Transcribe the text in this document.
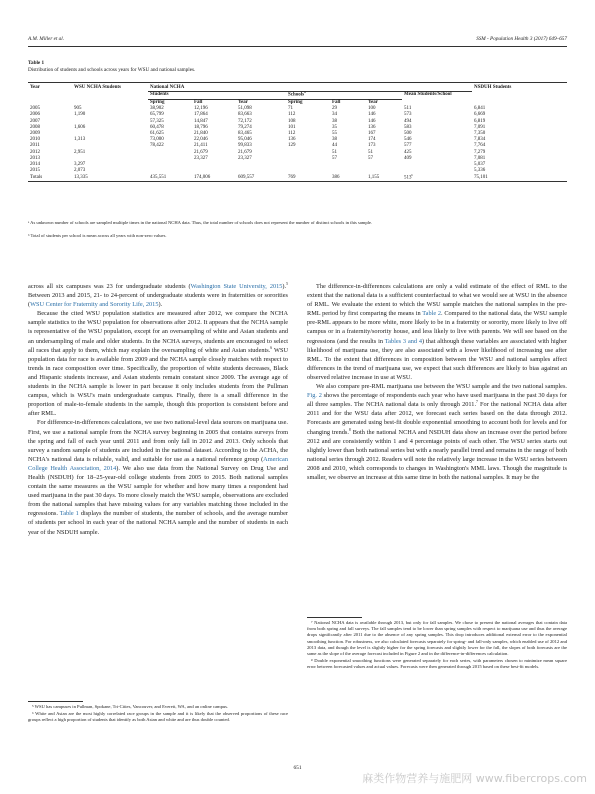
A.M. Miller et al.	SSM - Population Health 3 (2017) 649–657
Table 1
Distribution of students and schools across years for WSU and national samples.
Year	WSU NCHA Students	National NCHA							NSDUH Students
		Students			Schools$^a$			Mean Students/School	
		Spring	Fall	Year	Spring	Fall	Year		
2005	905	38,902	12,196	51,098	71	29	100	511	6,841
2006	1,190	65,799	17,864	83,663	112	34	146	573	6,669
2007		57,325	14,847	72,172	108	38	146	494	6,819
2008	1,606	60,478	18,796	79,274	101	35	136	583	7,091
2009		61,625	21,840	83,465	112	55	167	500	7,350
2010	1,313	73,000	22,046	95,046	136	38	174	546	7,834
2011		78,422	21,411	99,833	129	44	173	577	7,764
2012	2,951		21,679	21,679		51	51	425	7,279
2013			23,327	23,327		57	57	409	7,081
2014	3,297								5,037
2015	2,073								5,336
Totals	13,335	435,551	174,006	609,557	769	386	1,155	513$^b$	75,101
ᵃ As unknown number of schools are sampled multiple times in the national NCHA data. Thus, the total number of schools does not represent the number of distinct schools in this sample.
ᵇ Total of students per school is mean across all years with non-zero values.

across all six campuses was 23 for undergraduate students (Washington State University, 2015).$^5$ Between 2013 and 2015, 21- to 24-percent of undergraduate students were in fraternities or sororities (WSU Center for Fraternity and Sorority Life, 2015).

Because the cited WSU population statistics are measured after 2012, we compare the NCHA sample statistics to the WSU population for observations after 2012. It appears that the NCHA sample is representative of the WSU population, except for an oversampling of white and Asian students and an undersampling of male and older students. In the NCHA surveys, students are encouraged to select all races that apply to them, which may explain the oversampling of white and Asian students.$^6$ WSU population data for race is available from 2009 and the NCHA sample closely matches with respect to trends in race composition over time. Specifically, the proportion of white students decreases, Black and Hispanic students increase, and Asian students remain constant since 2009. The average age of students in the NCHA sample is lower in part because it only includes students from the Pullman campus, which is WSU's main undergraduate campus. Finally, there is a small difference in the proportion of male-to-female students in the sample, though this proportion is consistent before and after RML.

For difference-in-differences calculations, we use two national-level data sources on marijuana use. First, we use a national sample from the NCHA survey beginning in 2005 that contains surveys from the spring and fall of each year until 2011 and from only fall in 2012 and 2013. Only schools that survey a random sample of students are included in the national dataset. According to the ACHA, the NCHA's national data is reliable, valid, and suitable for use as a national reference group (American College Health Association, 2014). We also use data from the National Survey on Drug Use and Health (NSDUH) for 18–25-year-old college students from 2005 to 2015. Both national samples contain the same measures as the WSU sample for whether and how many times a respondent had used marijuana in the past 30 days. To more closely match the WSU sample, observations are excluded from the national samples that have missing values for any variables matching those included in the regressions. Table 1 displays the number of students, the number of schools, and the average number of students per school in each year of the national NCHA sample and the number of students in each year of the NSDUH sample.

The difference-in-differences calculations are only a valid estimate of the effect of RML to the extent that the national data is a sufficient counterfactual to what we would see at WSU in the absence of RML. We evaluate the extent to which the WSU sample matches the national samples in the pre-RML period by first comparing the means in Table 2. Compared to the national data, the WSU sample pre-RML appears to be more white, more likely to be in a fraternity or sorority, more likely to live off campus or in a fraternity/sorority house, and less likely to live with parents. We will see based on the regressions (and the results in Tables 3 and 4) that although these variables are associated with higher likelihood of marijuana use, they are also associated with a lower likelihood of increasing use after RML. To the extent that differences in composition between the WSU and national samples affect differences in the trend of marijuana use, we expect that such differences are likely to bias against an observed relative increase in use at WSU.

We also compare pre-RML marijuana use between the WSU sample and the two national samples. Fig. 2 shows the percentage of respondents each year who have used marijuana in the past 30 days for all three samples. The NCHA national data is only through 2011.$^7$ For the national NCHA data after 2011 and for the WSU data after 2012, we forecast each series based on the data through 2012. Forecasts are generated using best-fit double exponential smoothing to account both for levels and for changing trends.$^8$ Both the national NCHA and NSDUH data show an increase over the period before 2012 and are consistently within 1 and 4 percentage points of each other. The WSU series starts out slightly lower than both national series but with a nearly parallel trend and remains in the range of both national series through 2012. Readers will note the relatively large increase in the WSU series between 2008 and 2010, which corresponds to changes in Washington's MML laws. Though the magnitude is smaller, we observe an increase at this same time in both the national samples. It may be the

⁵ WSU has campuses in Pullman, Spokane, Tri-Cities, Vancouver, and Everett, WA, and an online campus.

⁶ White and Asian are the most highly correlated race groups in the sample and it is likely that the observed proportions of these race groups reflect a high proportion of students that identify as both Asian and white and are thus double counted.

⁷ National NCHA data is available through 2013, but only for fall samples. We chose to present the national averages that contain data from both spring and fall surveys. The fall samples tend to be lower than spring samples with respect to marijuana use and thus the average drops significantly after 2011 due to the absence of any spring samples. This drop introduces additional external error to the exponential smoothing function. For robustness, we also calculated forecasts separately for spring- and fall-only samples, which enabled use of 2012 and 2013 data, and though the level is slightly higher for the spring forecasts and slightly lower for the fall, the slopes of both forecasts are the same as the slope of the average forecast included in Figure 2 and in the difference-in-differences calculation.

⁸ Double exponential smoothing functions were generated separately for each series, with parameters chosen to minimize mean square error between forecasted values and actual values. Forecasts were then generated through 2015 based on these best-fit models.

651
麻类作物营养与施肥网 www.fibercrops.com
